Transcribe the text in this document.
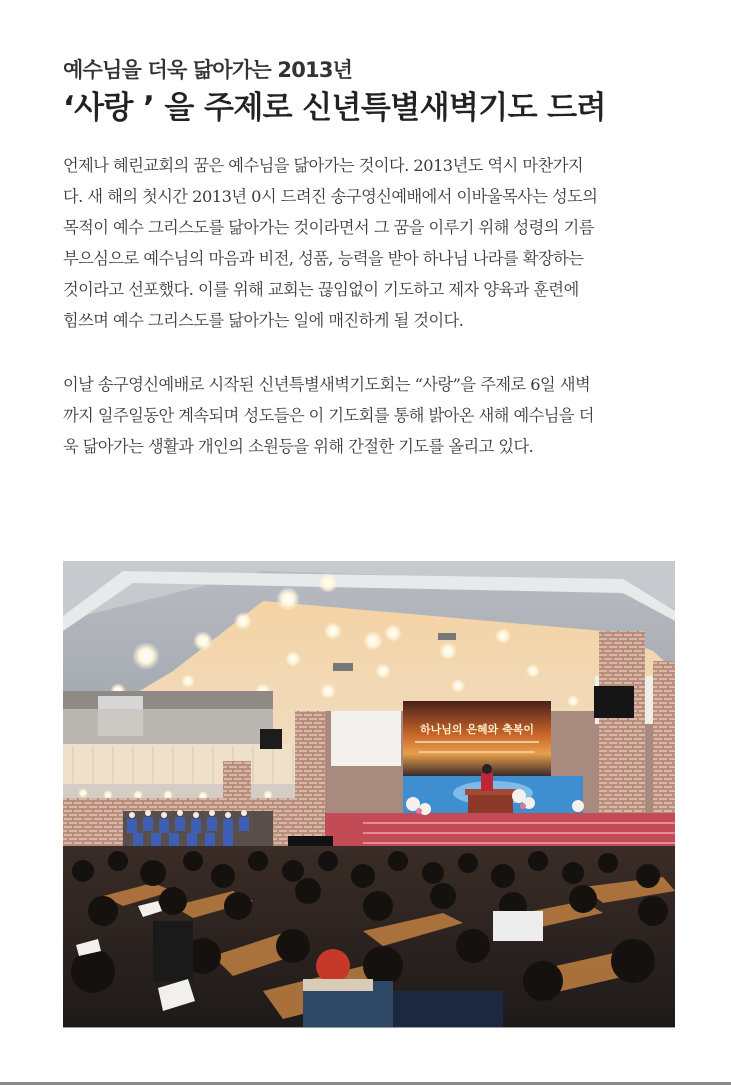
예수님을 더욱 닮아가는 2013년
‘사랑 ’ 을 주제로 신년특별새벽기도 드려
언제나 혜린교회의 꿈은 예수님을 닮아가는 것이다. 2013년도 역시 마찬가지
다. 새 해의 첫시간 2013년 0시 드려진 송구영신예배에서 이바울목사는 성도의
목적이 예수 그리스도를 닮아가는 것이라면서 그 꿈을 이루기 위해 성령의 기름
부으심으로 예수님의 마음과 비전, 성품, 능력을 받아 하나님 나라를 확장하는
것이라고 선포했다. 이를 위해 교회는 끊임없이 기도하고 제자 양육과 훈련에
힘쓰며 예수 그리스도를 닮아가는 일에 매진하게 될 것이다.
이날 송구영신예배로 시작된 신년특별새벽기도회는 “사랑”을 주제로 6일 새벽
까지 일주일동안 계속되며 성도들은 이 기도회를 통해 밝아온 새해 예수님을 더
욱 닮아가는 생활과 개인의 소원등을 위해 간절한 기도를 올리고 있다.
하나님의 은혜와 축복이
